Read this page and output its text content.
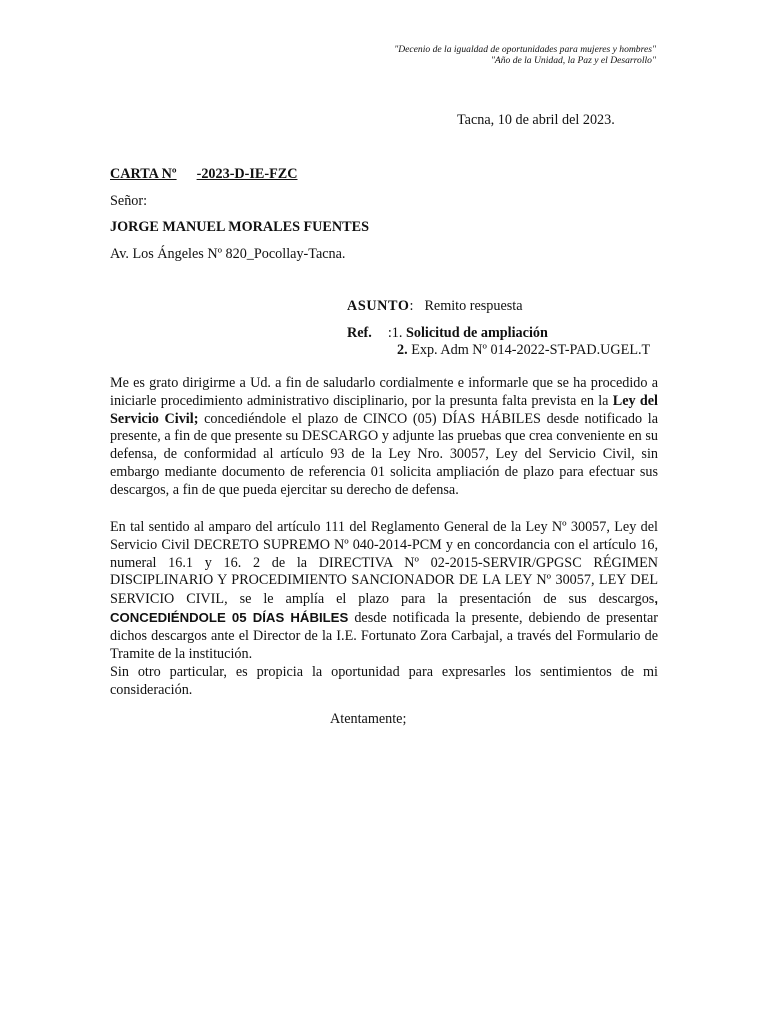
"Decenio de la igualdad de oportunidades para mujeres y hombres"
"Año de la Unidad, la Paz y el Desarrollo"
Tacna, 10 de abril del 2023.
CARTA Nº -2023-D-IE-FZC
Señor:
JORGE MANUEL MORALES FUENTES
Av. Los Ángeles Nº 820_Pocollay-Tacna.
ASUNTO: Remito respuesta
Ref. :1. Solicitud de ampliación
2. Exp. Adm Nº 014-2022-ST-PAD.UGEL.T
Me es grato dirigirme a Ud. a fin de saludarlo cordialmente e informarle que se ha procedido a iniciarle procedimiento administrativo disciplinario, por la presunta falta prevista en la Ley del Servicio Civil; concediéndole el plazo de CINCO (05) DÍAS HÁBILES desde notificado la presente, a fin de que presente su DESCARGO y adjunte las pruebas que crea conveniente en su defensa, de conformidad al artículo 93 de la Ley Nro. 30057, Ley del Servicio Civil, sin embargo mediante documento de referencia 01 solicita ampliación de plazo para efectuar sus descargos, a fin de que pueda ejercitar su derecho de defensa.
En tal sentido al amparo del artículo 111 del Reglamento General de la Ley Nº 30057, Ley del Servicio Civil DECRETO SUPREMO Nº 040-2014-PCM y en concordancia con el artículo 16, numeral 16.1 y 16. 2 de la DIRECTIVA Nº 02-2015-SERVIR/GPGSC RÉGIMEN DISCIPLINARIO Y PROCEDIMIENTO SANCIONADOR DE LA LEY Nº 30057, LEY DEL SERVICIO CIVIL, se le amplía el plazo para la presentación de sus descargos, CONCEDIÉNDOLE 05 DÍAS HÁBILES desde notificada la presente, debiendo de presentar dichos descargos ante el Director de la I.E. Fortunato Zora Carbajal, a través del Formulario de Tramite de la institución.
Sin otro particular, es propicia la oportunidad para expresarles los sentimientos de mi consideración.
Atentamente;
